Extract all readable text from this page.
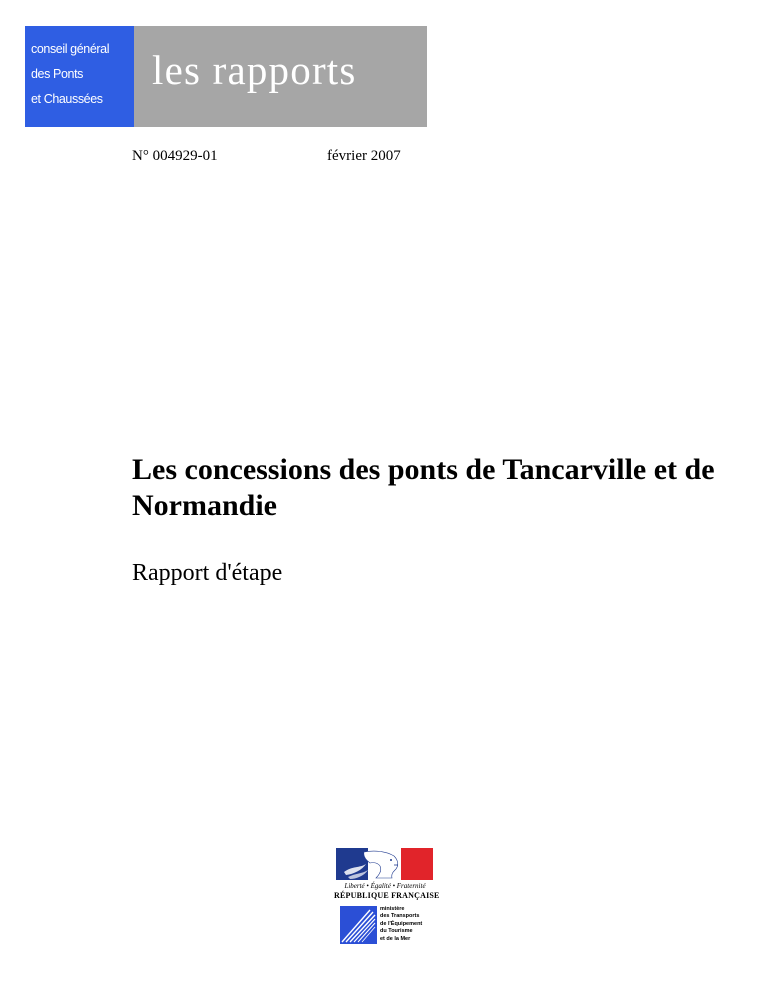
conseil général
des Ponts
et Chaussées
les rapports
N° 004929-01	février 2007
Les concessions des ponts de Tancarville et de Normandie
Rapport d'étape
Liberté • Égalité • Fraternité
RÉPUBLIQUE FRANÇAISE
ministère
des Transports
de l'Équipement
du Tourisme
et de la Mer
